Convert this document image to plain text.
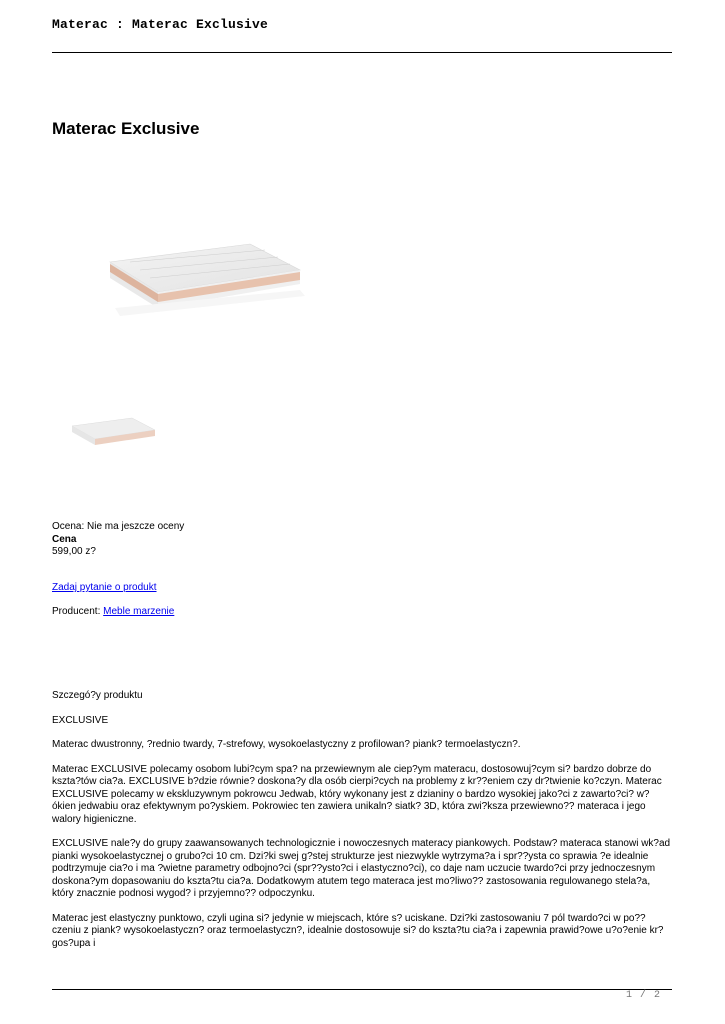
Materac : Materac Exclusive
Materac Exclusive
Ocena: Nie ma jeszcze oceny
Cena
599,00 z?
Zadaj pytanie o produkt
Producent: Meble marzenie

Szczegó?y produktu

EXCLUSIVE

Materac dwustronny, ?rednio twardy, 7-strefowy, wysokoelastyczny z profilowan? piank? termoelastyczn?.

Materac EXCLUSIVE polecamy osobom lubi?cym spa? na przewiewnym ale ciep?ym materacu, dostosowuj?cym si? bardzo dobrze do kszta?tów cia?a. EXCLUSIVE b?dzie równie? doskona?y dla osób cierpi?cych na problemy z kr??eniem czy dr?twienie ko?czyn. Materac EXCLUSIVE polecamy w ekskluzywnym pokrowcu Jedwab, który wykonany jest z dzianiny o bardzo wysokiej jako?ci z zawarto?ci? w?ókien jedwabiu oraz efektywnym po?yskiem. Pokrowiec ten zawiera unikaln? siatk? 3D, która zwi?ksza przewiewno?? materaca i jego walory higieniczne.

EXCLUSIVE nale?y do grupy zaawansowanych technologicznie i nowoczesnych materacy piankowych. Podstaw? materaca stanowi wk?ad pianki wysokoelastycznej o grubo?ci 10 cm. Dzi?ki swej g?stej strukturze jest niezwykle wytrzyma?a i spr??ysta co sprawia ?e idealnie podtrzymuje cia?o i ma ?wietne parametry odbojno?ci (spr??ysto?ci i elastyczno?ci), co daje nam uczucie twardo?ci przy jednoczesnym doskona?ym dopasowaniu do kszta?tu cia?a. Dodatkowym atutem tego materaca jest mo?liwo?? zastosowania regulowanego stela?a, który znacznie podnosi wygod? i przyjemno?? odpoczynku.

Materac jest elastyczny punktowo, czyli ugina si? jedynie w miejscach, które s? uciskane. Dzi?ki zastosowaniu 7 pól twardo?ci w po??czeniu z piank? wysokoelastyczn? oraz termoelastyczn?, idealnie dostosowuje si? do kszta?tu cia?a i zapewnia prawid?owe u?o?enie kr?gos?upa i

1 / 2
